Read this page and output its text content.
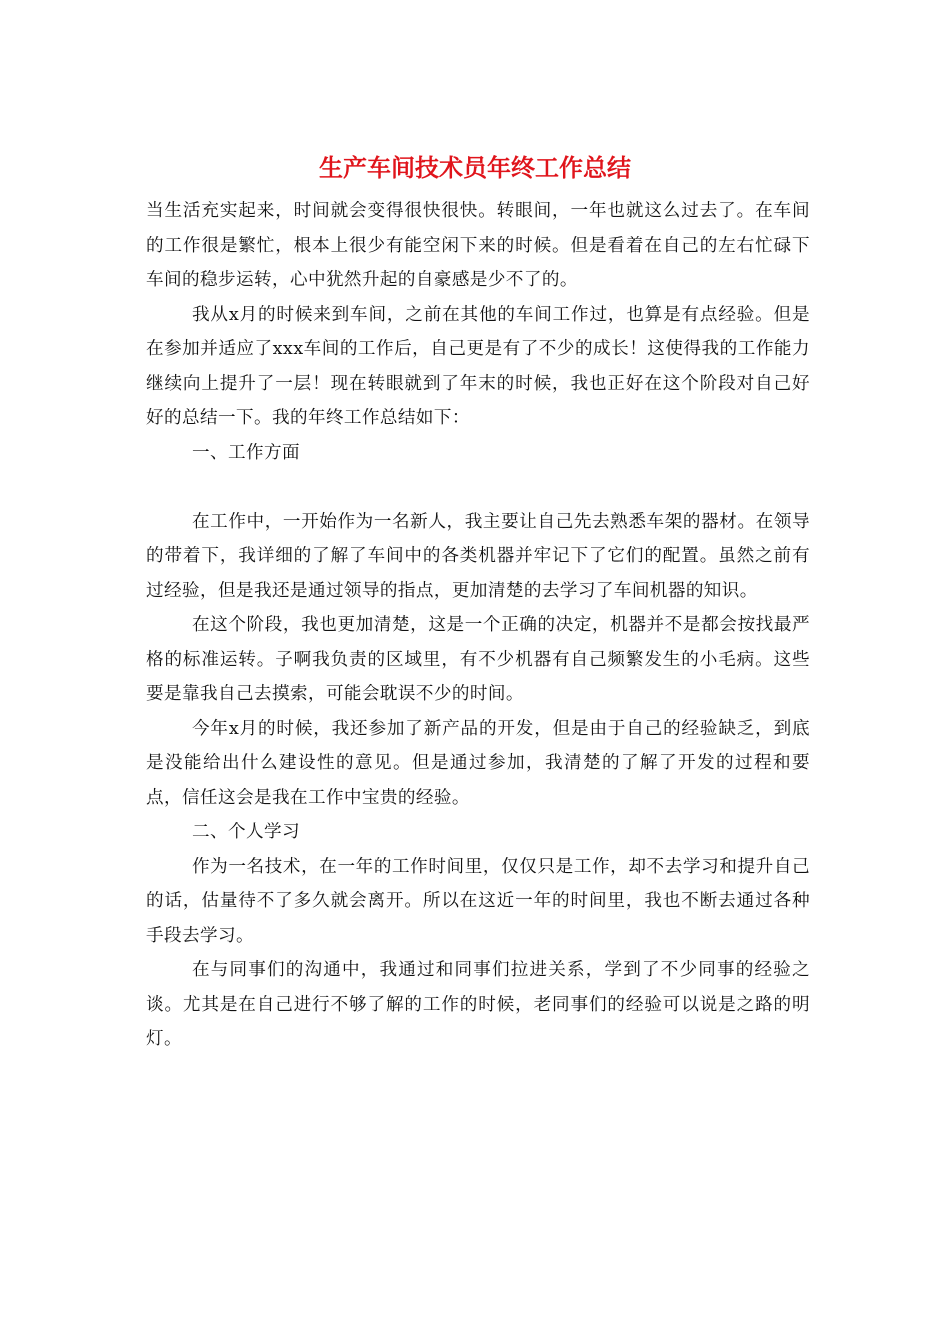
生产车间技术员年终工作总结

当生活充实起来，时间就会变得很快很快。转眼间，一年也就这么过去了。在车间的工作很是繁忙，根本上很少有能空闲下来的时候。但是看着在自己的左右忙碌下车间的稳步运转，心中犹然升起的自豪感是少不了的。

我从x月的时候来到车间，之前在其他的车间工作过，也算是有点经验。但是在参加并适应了xxx车间的工作后，自己更是有了不少的成长！这使得我的工作能力继续向上提升了一层！现在转眼就到了年末的时候，我也正好在这个阶段对自己好好的总结一下。我的年终工作总结如下：

一、工作方面

在工作中，一开始作为一名新人，我主要让自己先去熟悉车架的器材。在领导的带着下，我详细的了解了车间中的各类机器并牢记下了它们的配置。虽然之前有过经验，但是我还是通过领导的指点，更加清楚的去学习了车间机器的知识。

在这个阶段，我也更加清楚，这是一个正确的决定，机器并不是都会按找最严格的标准运转。子啊我负责的区域里，有不少机器有自己频繁发生的小毛病。这些要是靠我自己去摸索，可能会耽误不少的时间。

今年x月的时候，我还参加了新产品的开发，但是由于自己的经验缺乏，到底是没能给出什么建设性的意见。但是通过参加，我清楚的了解了开发的过程和要点，信任这会是我在工作中宝贵的经验。

二、个人学习

作为一名技术，在一年的工作时间里，仅仅只是工作，却不去学习和提升自己的话，估量待不了多久就会离开。所以在这近一年的时间里，我也不断去通过各种手段去学习。

在与同事们的沟通中，我通过和同事们拉进关系，学到了不少同事的经验之谈。尤其是在自己进行不够了解的工作的时候，老同事们的经验可以说是之路的明灯。
